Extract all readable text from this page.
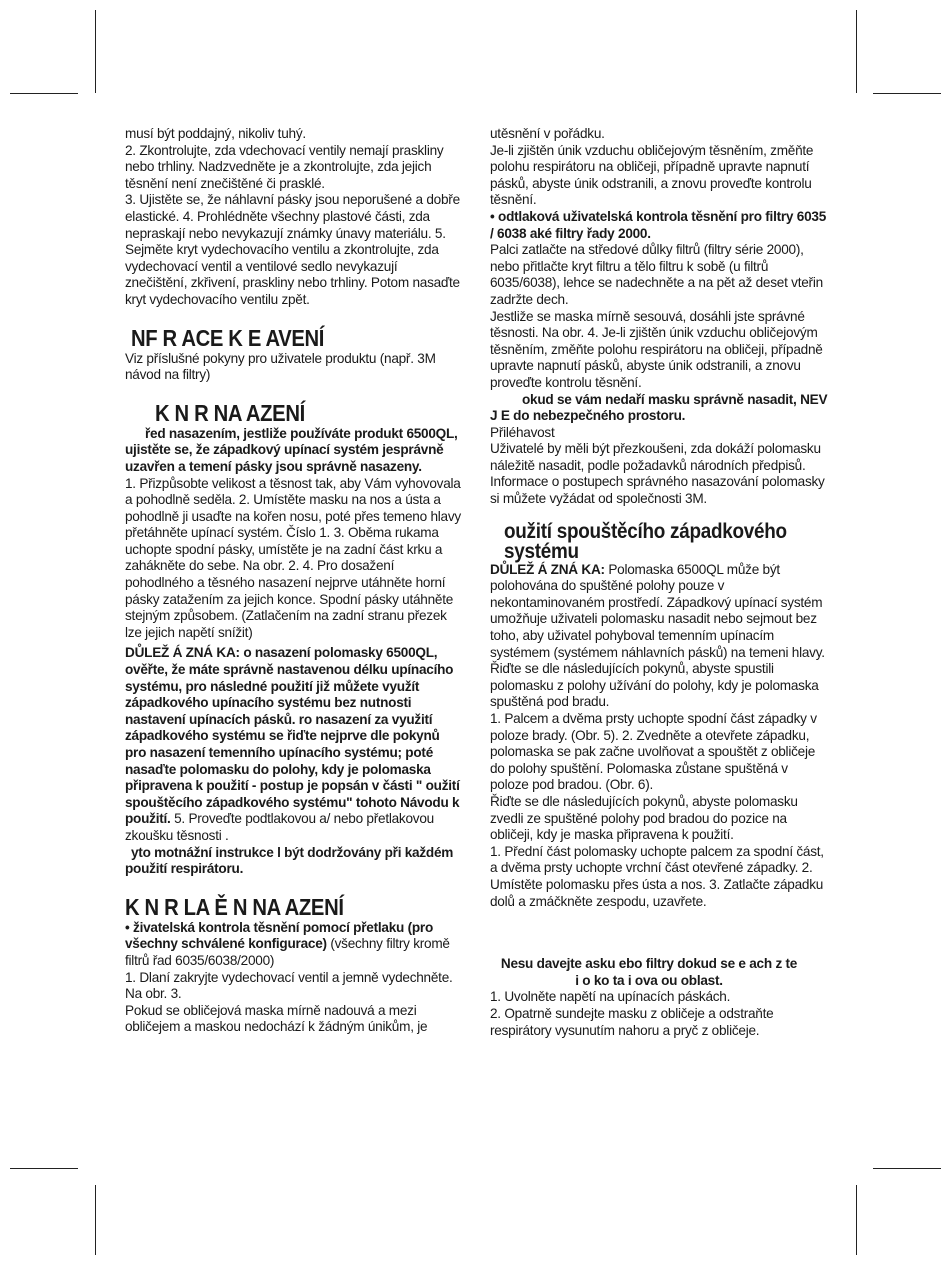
musí být poddajný, nikoliv tuhý.

2. Zkontrolujte, zda vdechovací ventily nemají praskliny nebo trhliny. Nadzvedněte je a zkontrolujte, zda jejich těsnění není znečištěné či prasklé.

3. Ujistěte se, že náhlavní pásky jsou neporušené a dobře elastické. 4. Prohlédněte všechny plastové části, zda nepraskají nebo nevykazují známky únavy materiálu. 5. Sejměte kryt vydechovacího ventilu a zkontrolujte, zda vydechovací ventil a ventilové sedlo nevykazují znečištění, zkřivení, praskliny nebo trhliny. Potom nasaďte kryt vydechovacího ventilu zpět.

NF R ACE K E AVENÍ

Viz příslušné pokyny pro uživatele produktu (např. 3M návod na filtry)

K N R NA AZENÍ

řed nasazením, jestliže používáte produkt 6500QL, ujistěte se, že západkový upínací systém jesprávně uzavřen a temení pásky jsou správně nasazeny.

1. Přizpůsobte velikost a těsnost tak, aby Vám vyhovovala a pohodlně seděla. 2. Umístěte masku na nos a ústa a pohodlně ji usaďte na kořen nosu, poté přes temeno hlavy přetáhněte upínací systém. Číslo 1. 3. Oběma rukama uchopte spodní pásky, umístěte je na zadní část krku a zahákněte do sebe. Na obr. 2. 4. Pro dosažení pohodlného a těsného nasazení nejprve utáhněte horní pásky zatažením za jejich konce. Spodní pásky utáhněte stejným způsobem. (Zatlačením na zadní stranu přezek lze jejich napětí snížit)

DŮLEŽ Á ZNÁ KA: o nasazení polomasky 6500QL, ověřte, že máte správně nastavenou délku upínacího systému, pro následné použití již můžete využít západkového upínacího systému bez nutnosti nastavení upínacích pásků. ro nasazení za využití západkového systému se řiďte nejprve dle pokynů pro nasazení temenního upínacího systému; poté nasaďte polomasku do polohy, kdy je polomaska připravena k použití - postup je popsán v části " oužití spouštěcího západkového systému" tohoto Návodu k použití. 5. Proveďte podtlakovou a/ nebo přetlakovou zkoušku těsnosti .

yto motnážní instrukce l být dodržovány při každém použití respirátoru.

K N R LA Ě N NA AZENÍ

• živatelská kontrola těsnění pomocí přetlaku (pro všechny schválené konfigurace) (všechny filtry kromě filtrů řad 6035/6038/2000)

1. Dlaní zakryjte vydechovací ventil a jemně vydechněte. Na obr. 3.

Pokud se obličejová maska mírně nadouvá a mezi obličejem a maskou nedochází k žádným únikům, je

utěsnění v pořádku.

Je-li zjištěn únik vzduchu obličejovým těsněním, změňte polohu respirátoru na obličeji, případně upravte napnutí pásků, abyste únik odstranili, a znovu proveďte kontrolu těsnění.

• odtlaková uživatelská kontrola těsnění pro filtry 6035 / 6038 aké filtry řady 2000.

Palci zatlačte na středové důlky filtrů (filtry série 2000), nebo přitlačte kryt filtru a tělo filtru k sobě (u filtrů 6035/6038), lehce se nadechněte a na pět až deset vteřin zadržte dech.

Jestliže se maska mírně sesouvá, dosáhli jste správné těsnosti. Na obr. 4. Je-li zjištěn únik vzduchu obličejovým těsněním, změňte polohu respirátoru na obličeji, případně upravte napnutí pásků, abyste únik odstranili, a znovu proveďte kontrolu těsnění.

okud se vám nedaří masku správně nasadit, NEV J E do nebezpečného prostoru.

Přiléhavost

Uživatelé by měli být přezkoušeni, zda dokáží polomasku náležitě nasadit, podle požadavků národních předpisů.

Informace o postupech správného nasazování polomasky si můžete vyžádat od společnosti 3M.

oužití spouštěcího západkového systému

DŮLEŽ Á ZNÁ KA: Polomaska 6500QL může být polohována do spuštěné polohy pouze v nekontaminovaném prostředí. Západkový upínací systém umožňuje uživateli polomasku nasadit nebo sejmout bez toho, aby uživatel pohyboval temenním upínacím systémem (systémem náhlavních pásků) na temeni hlavy.

Řiďte se dle následujících pokynů, abyste spustili polomasku z polohy užívání do polohy, kdy je polomaska spuštěná pod bradu.

1. Palcem a dvěma prsty uchopte spodní část západky v poloze brady. (Obr. 5). 2. Zvedněte a otevřete západku, polomaska se pak začne uvolňovat a spouštět z obličeje do polohy spuštění. Polomaska zůstane spuštěná v poloze pod bradou. (Obr. 6).

Řiďte se dle následujících pokynů, abyste polomasku zvedli ze spuštěné polohy pod bradou do pozice na obličeji, kdy je maska připravena k použití.

1. Přední část polomasky uchopte palcem za spodní část, a dvěma prsty uchopte vrchní část otevřené západky. 2. Umístěte polomasku přes ústa a nos. 3. Zatlačte západku dolů a zmáčkněte zespodu, uzavřete.

Nesu davejte asku ebo filtry dokud se e ach z te i o ko ta i ova ou oblast.

1. Uvolněte napětí na upínacích páskách.

2. Opatrně sundejte masku z obličeje a odstraňte respirátory vysunutím nahoru a pryč z obličeje.
